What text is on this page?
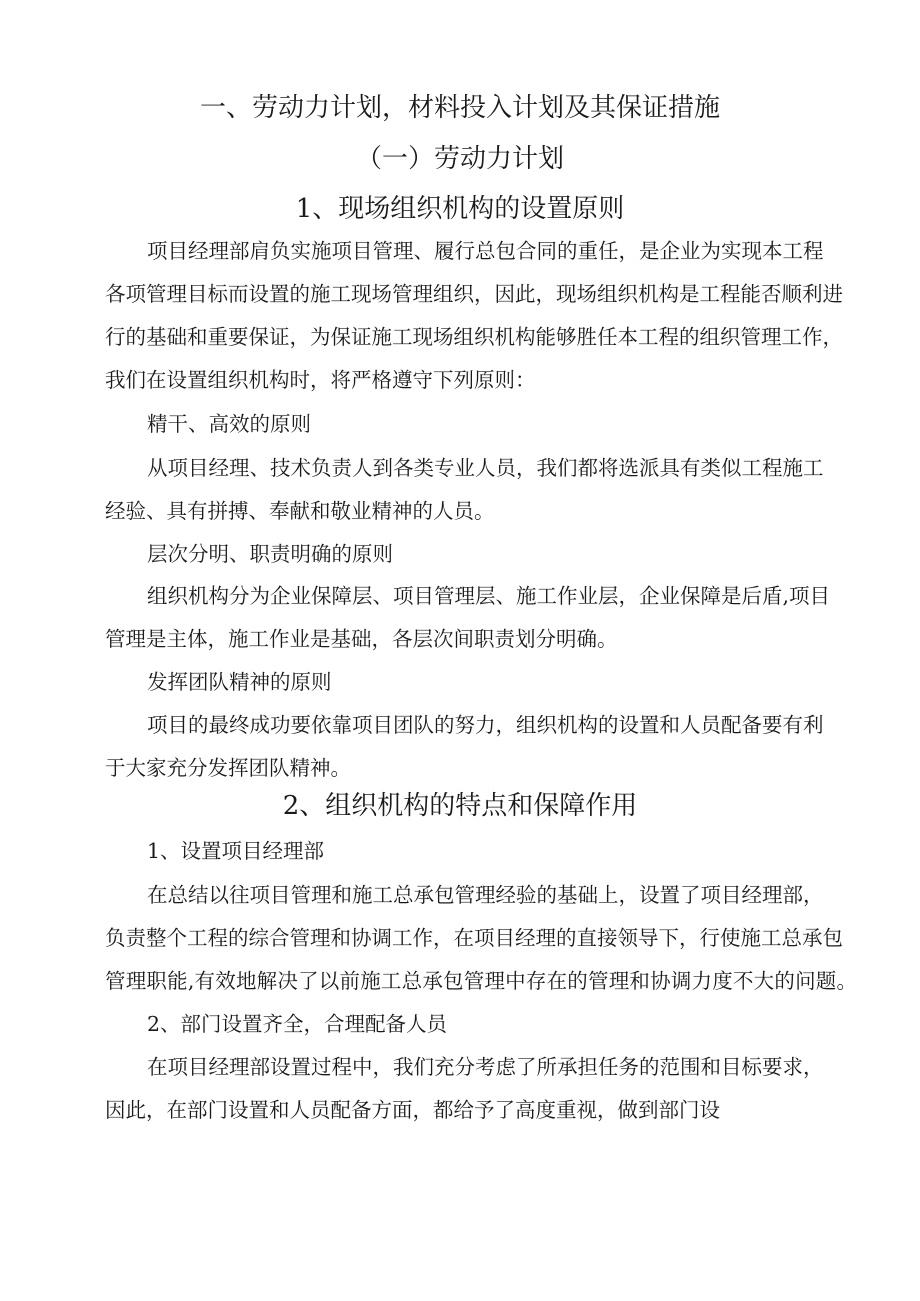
一、劳动力计划，材料投入计划及其保证措施
（一）劳动力计划
1、现场组织机构的设置原则
项目经理部肩负实施项目管理、履行总包合同的重任，是企业为实现本工程
各项管理目标而设置的施工现场管理组织，因此，现场组织机构是工程能否顺利进
行的基础和重要保证，为保证施工现场组织机构能够胜任本工程的组织管理工作，
我们在设置组织机构时，将严格遵守下列原则：
精干、高效的原则
从项目经理、技术负责人到各类专业人员，我们都将选派具有类似工程施工
经验、具有拼搏、奉献和敬业精神的人员。
层次分明、职责明确的原则
组织机构分为企业保障层、项目管理层、施工作业层，企业保障是后盾,项目
管理是主体，施工作业是基础，各层次间职责划分明确。
发挥团队精神的原则
项目的最终成功要依靠项目团队的努力，组织机构的设置和人员配备要有利
于大家充分发挥团队精神。
2、组织机构的特点和保障作用
1、设置项目经理部
在总结以往项目管理和施工总承包管理经验的基础上，设置了项目经理部，
负责整个工程的综合管理和协调工作，在项目经理的直接领导下，行使施工总承包
管理职能,有效地解决了以前施工总承包管理中存在的管理和协调力度不大的问题。
2、部门设置齐全，合理配备人员
在项目经理部设置过程中，我们充分考虑了所承担任务的范围和目标要求，
因此，在部门设置和人员配备方面，都给予了高度重视，做到部门设
